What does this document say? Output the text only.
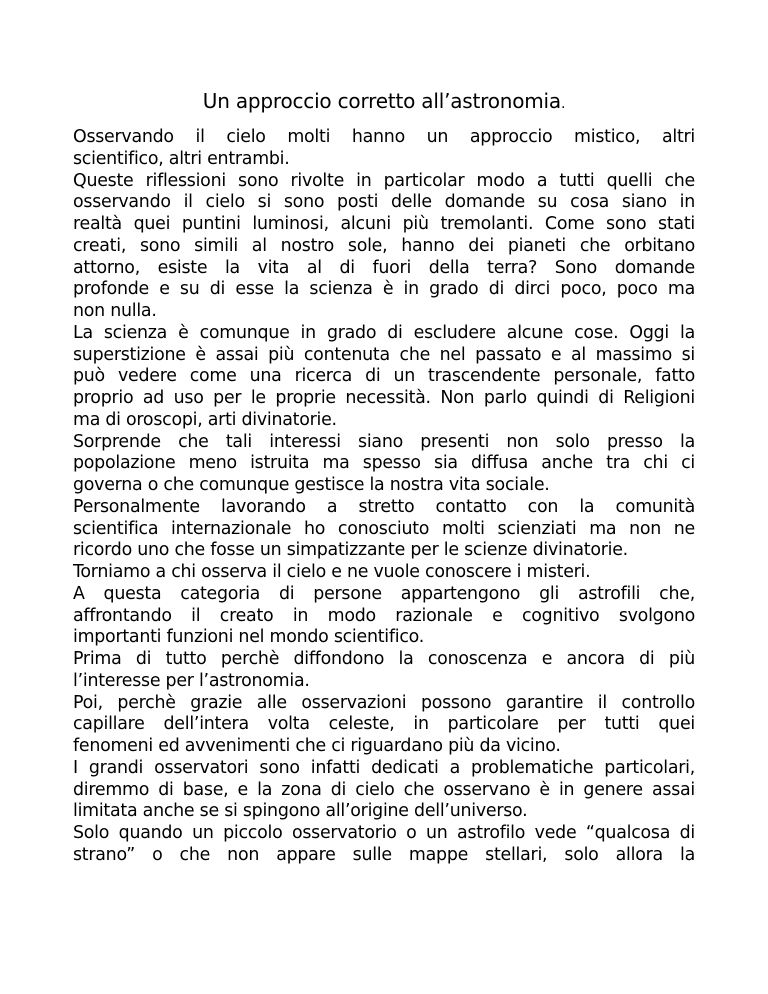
Un approccio corretto all’astronomia.
Osservando il cielo molti hanno un approccio mistico, altri
scientifico, altri entrambi.
Queste riflessioni sono rivolte in particolar modo a tutti quelli che
osservando il cielo si sono posti delle domande su cosa siano in
realtà quei puntini luminosi, alcuni più tremolanti. Come sono stati
creati, sono simili al nostro sole, hanno dei pianeti che orbitano
attorno, esiste la vita al di fuori della terra? Sono domande
profonde e su di esse la scienza è in grado di dirci poco, poco ma
non nulla.
La scienza è comunque in grado di escludere alcune cose. Oggi la
superstizione è assai più contenuta che nel passato e al massimo si
può vedere come una ricerca di un trascendente personale, fatto
proprio ad uso per le proprie necessità. Non parlo quindi di Religioni
ma di oroscopi, arti divinatorie.
Sorprende che tali interessi siano presenti non solo presso la
popolazione meno istruita ma spesso sia diffusa anche tra chi ci
governa o che comunque gestisce la nostra vita sociale.
Personalmente lavorando a stretto contatto con la comunità
scientifica internazionale ho conosciuto molti scienziati ma non ne
ricordo uno che fosse un simpatizzante per le scienze divinatorie.
Torniamo a chi osserva il cielo e ne vuole conoscere i misteri.
A questa categoria di persone appartengono gli astrofili che,
affrontando il creato in modo razionale e cognitivo svolgono
importanti funzioni nel mondo scientifico.
Prima di tutto perchè diffondono la conoscenza e ancora di più
l’interesse per l’astronomia.
Poi, perchè grazie alle osservazioni possono garantire il controllo
capillare dell’intera volta celeste, in particolare per tutti quei
fenomeni ed avvenimenti che ci riguardano più da vicino.
I grandi osservatori sono infatti dedicati a problematiche particolari,
diremmo di base, e la zona di cielo che osservano è in genere assai
limitata anche se si spingono all’origine dell’universo.
Solo quando un piccolo osservatorio o un astrofilo vede “qualcosa di
strano” o che non appare sulle mappe stellari, solo allora la
